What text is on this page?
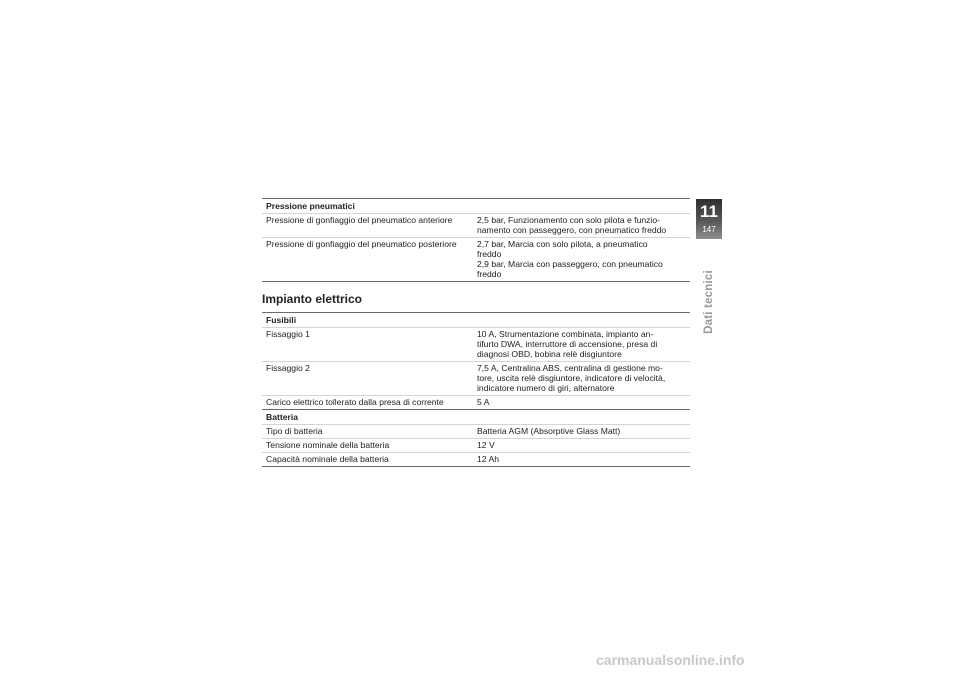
Pressione pneumatici	
Pressione di gonfiaggio del pneumatico anteriore	2,5 bar, Funzionamento con solo pilota e funzio-
namento con passeggero, con pneumatico freddo

Pressione di gonfiaggio del pneumatico posteriore	2,7 bar, Marcia con solo pilota, a pneumatico
freddo
2,9 bar, Marcia con passeggero, con pneumatico
freddo
Impianto elettrico
Fusibili	
Fissaggio 1	10 A, Strumentazione combinata, impianto an-
tifurto DWA, interruttore di accensione, presa di
diagnosi OBD, bobina relè disgiuntore

Fissaggio 2	7,5 A, Centralina ABS, centralina di gestione mo-
tore, uscita relè disgiuntore, indicatore di velocità,
indicatore numero di giri, alternatore

Carico elettrico tollerato dalla presa di corrente	5 A
Batteria	
Tipo di batteria	Batteria AGM (Absorptive Glass Matt)
Tensione nominale della batteria	12 V
Capacità nominale della batteria	12 Ah
11
147
Dati tecnici
carmanualsonline.info
